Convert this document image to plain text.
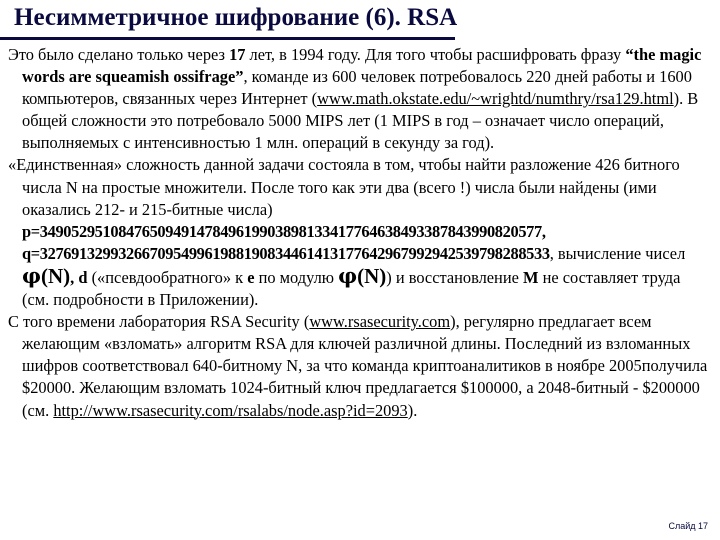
Несимметричное шифрование (6). RSA

Это было сделано только через 17 лет, в 1994 году. Для того чтобы расшифровать фразу “the magic words are squeamish ossifrage”, команде из 600 человек потребовалось 220 дней работы и 1600 компьютеров, связанных через Интернет (www.math.okstate.edu/~wrightd/numthry/rsa129.html). В общей сложности это потребовало 5000 MIPS лет (1 MIPS в год – означает число операций, выполняемых с интенсивностью 1 млн. операций в секунду за год).

«Единственная» сложность данной задачи состояла в том, чтобы найти разложение 426 битного числа N на простые множители. После того как эти два (всего !) числа были найдены (ими оказались 212- и 215-битные числа) p=3490529510847650949147849619903898133417764638493387843990820577, q=32769132993266709549961988190834461413177642967992942539798288533, вычисление чисел φ(N), d («псевдообратного» к e по модулю φ(N)) и восстановление M не составляет труда (см. подробности в Приложении).

С того времени лаборатория RSA Security (www.rsasecurity.com), регулярно предлагает всем желающим «взломать» алгоритм RSA для ключей различной длины. Последний из взломанных шифров соответствовал 640-битному N, за что команда криптоаналитиков в ноябре 2005получила $20000. Желающим взломать 1024-битный ключ предлагается $100000, а 2048-битный - $200000 (см. http://www.rsasecurity.com/rsalabs/node.asp?id=2093).

Слайд 17
